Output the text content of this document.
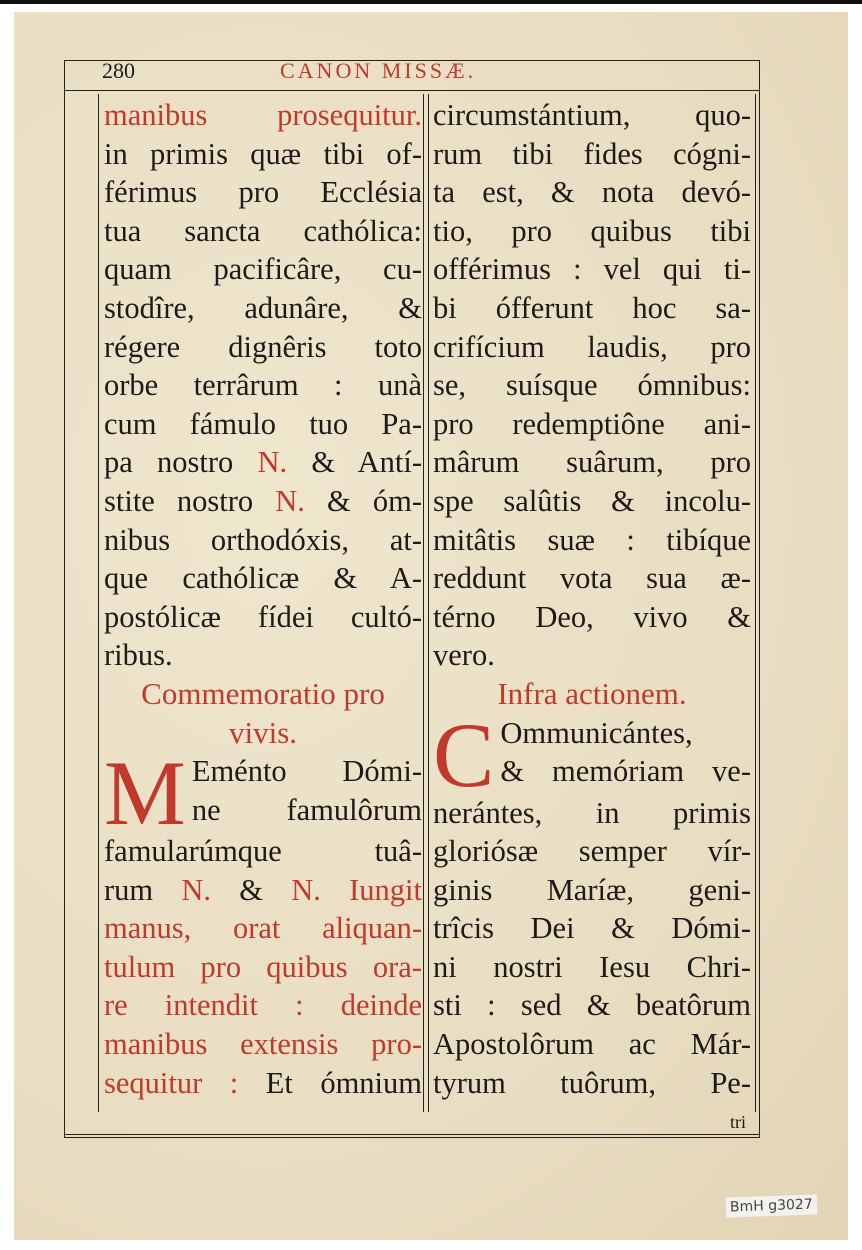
280	CANON MISSÆ.
manibus prosequitur.
in primis quæ tibi of-
férimus pro Ecclésia
tua sancta cathólica:
quam pacificâre, cu-
stodîre, adunâre, &
régere dignêris toto
orbe terrârum : unà
cum fámulo tuo Pa-
pa nostro N. & Antí-
stite nostro N. & óm-
nibus orthodóxis, at-
que cathólicæ & A-
postólicæ fídei cultó-
ribus.
Commemoratio pro
vivis.
M Eménto Dómi-
ne famulôrum
famularúmque tuâ-
rum N. & N. Iungit
manus, orat aliquan-
tulum pro quibus ora-
re intendit : deinde
manibus extensis pro-
sequitur : Et ómnium
circumstántium, quo-
rum tibi fides cógni-
ta est, & nota devó-
tio, pro quibus tibi
offérimus : vel qui ti-
bi ófferunt hoc sa-
crifícium laudis, pro
se, suísque ómnibus:
pro redemptiône ani-
mârum suârum, pro
spe salûtis & incolu-
mitâtis suæ : tibíque
reddunt vota sua æ-
térno Deo, vivo &
vero.
Infra actionem.
C Ommunicántes,
& memóriam ve-
nerántes, in primis
gloriósæ semper vír-
ginis Maríæ, geni-
trîcis Dei & Dómi-
ni nostri Iesu Chri-
sti : sed & beatôrum
Apostolôrum ac Már-
tyrum tuôrum, Pe-
tri
BmH g3027
